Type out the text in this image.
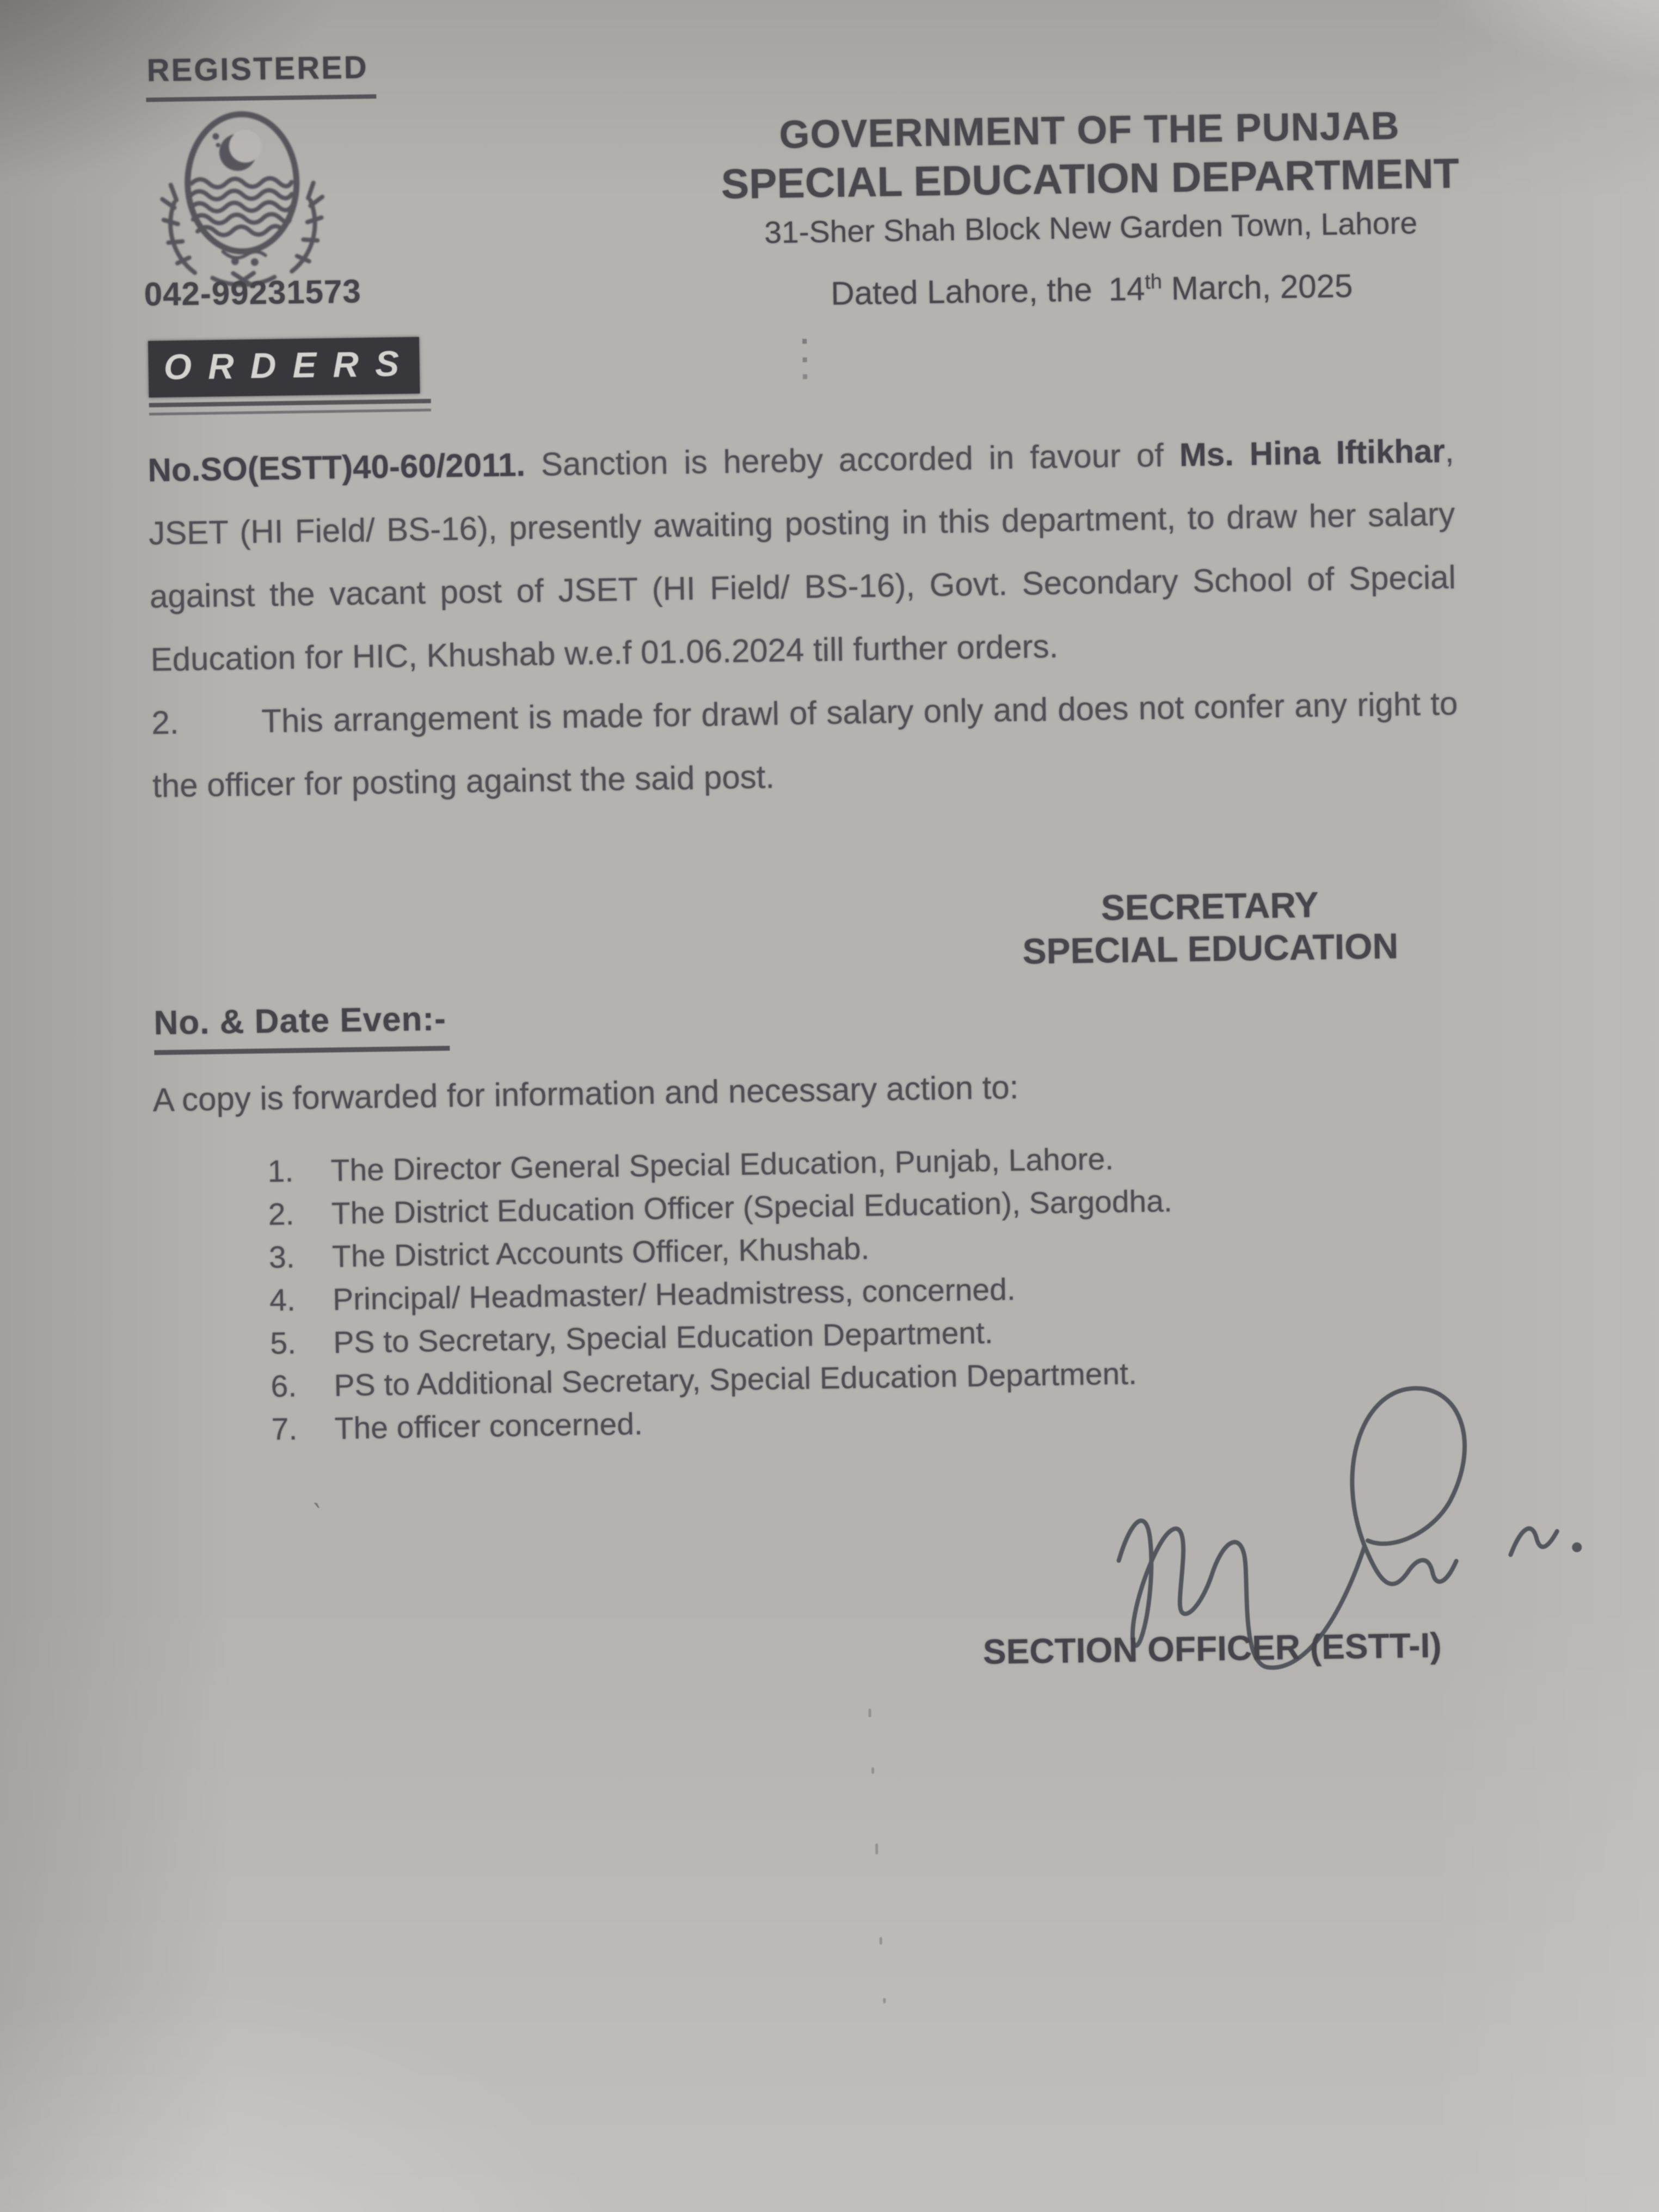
REGISTERED
042-99231573
GOVERNMENT OF THE PUNJAB
SPECIAL EDUCATION DEPARTMENT
31-Sher Shah Block New Garden Town, Lahore
Dated Lahore, the 14th March, 2025
ORDERS

No.SO(ESTT)40-60/2011. Sanction is hereby accorded in favour of Ms. Hina Iftikhar, JSET (HI Field/ BS-16), presently awaiting posting in this department, to draw her salary against the vacant post of JSET (HI Field/ BS-16), Govt. Secondary School of Special Education for HIC, Khushab w.e.f 01.06.2024 till further orders.

2.	This arrangement is made for drawl of salary only and does not confer any right to the officer for posting against the said post.

SECRETARY
SPECIAL EDUCATION
No. & Date Even:-
A copy is forwarded for information and necessary action to:
1.	The Director General Special Education, Punjab, Lahore.
2.	The District Education Officer (Special Education), Sargodha.
3.	The District Accounts Officer, Khushab.
4.	Principal/ Headmaster/ Headmistress, concerned.
5.	PS to Secretary, Special Education Department.
6.	PS to Additional Secretary, Special Education Department.
7.	The officer concerned.
`
SECTION OFFICER (ESTT-I)
